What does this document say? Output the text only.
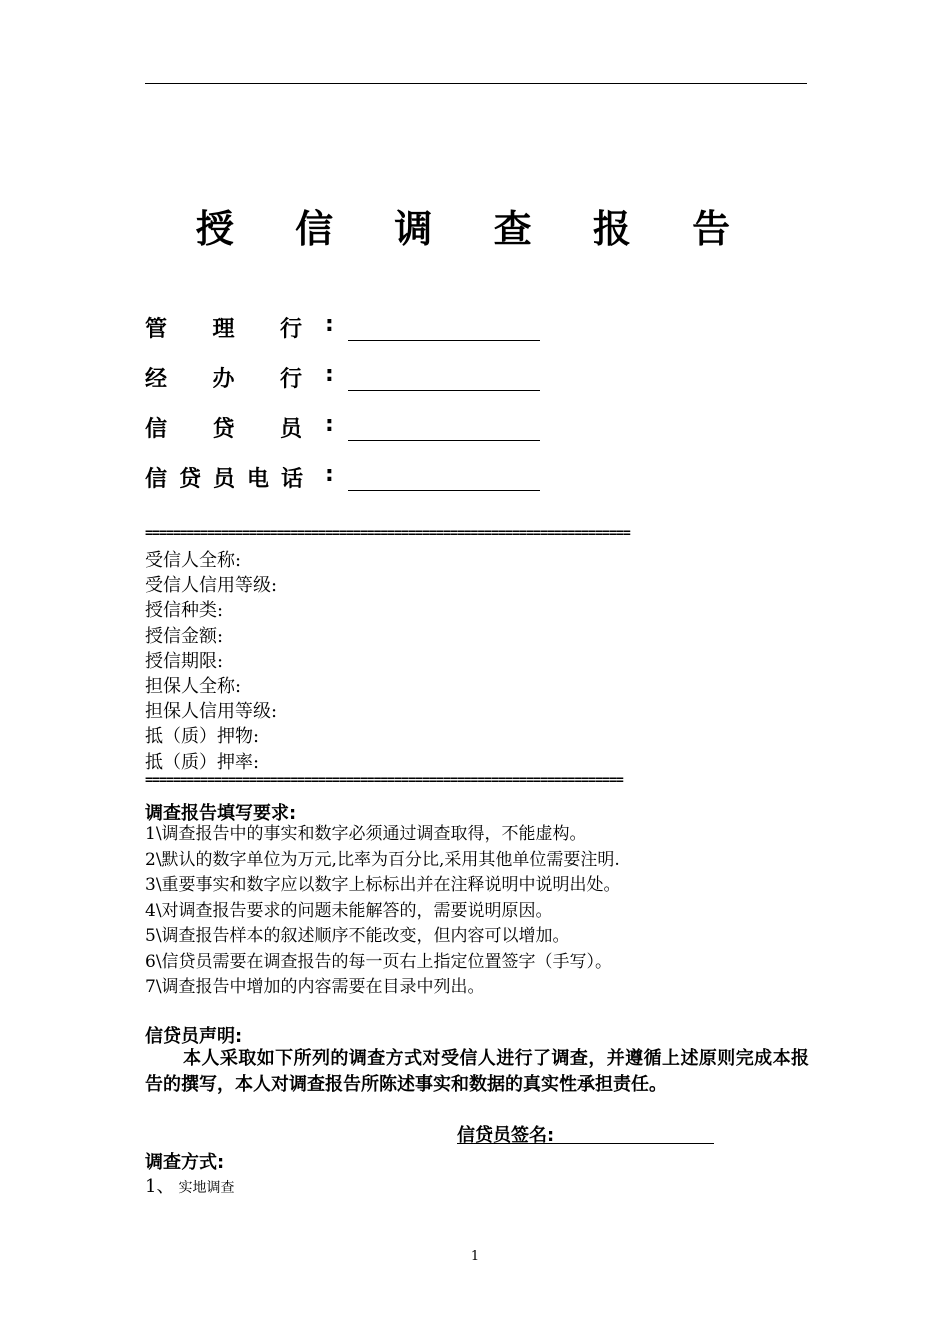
授 信 调 查 报 告
管 理 行 :
经 办 行 :
信 贷 员 :
信 贷 员 电 话 :
======================================================================
受信人全称:
受信人信用等级:
授信种类:
授信金额:
授信期限:
担保人全称:
担保人信用等级:
抵（质）押物:
抵（质）押率:
=====================================================================
调查报告填写要求:
1\调查报告中的事实和数字必须通过调查取得，不能虚构。
2\默认的数字单位为万元,比率为百分比,采用其他单位需要注明.
3\重要事实和数字应以数字上标标出并在注释说明中说明出处。
4\对调查报告要求的问题未能解答的，需要说明原因。
5\调查报告样本的叙述顺序不能改变，但内容可以增加。
6\信贷员需要在调查报告的每一页右上指定位置签字（手写）。
7\调查报告中增加的内容需要在目录中列出。
信贷员声明:
本人采取如下所列的调查方式对受信人进行了调查，并遵循上述原则完成本报告的撰写，本人对调查报告所陈述事实和数据的真实性承担责任。
信贷员签名:
调查方式:
1、 实地调查
1
